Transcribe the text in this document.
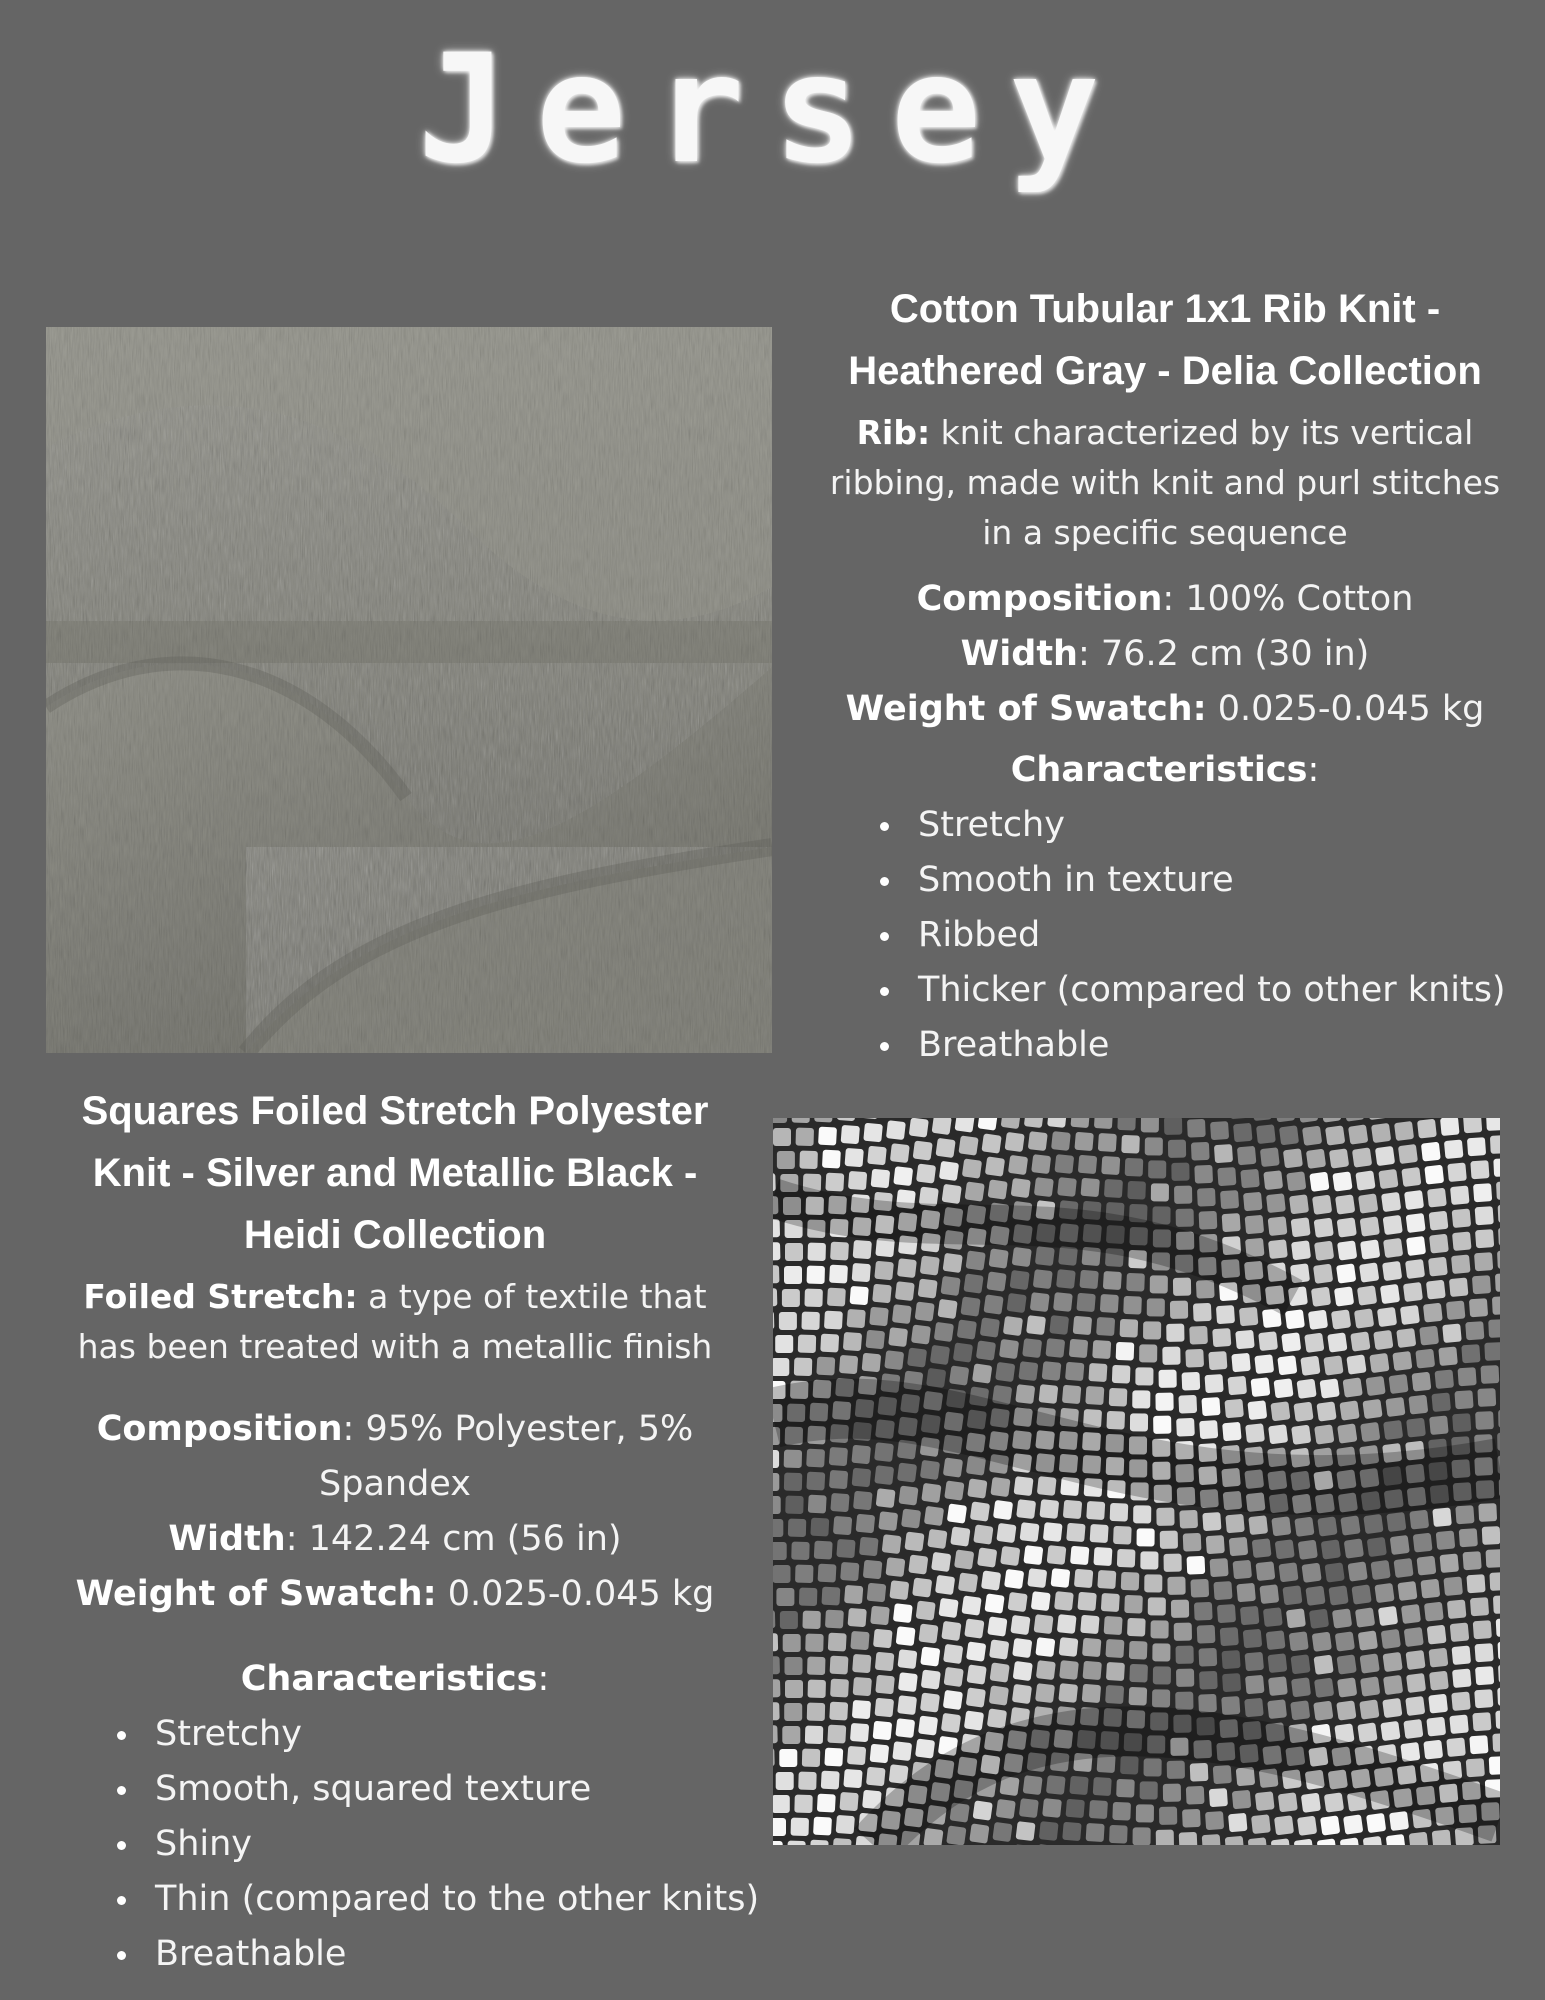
Jersey
Cotton Tubular 1x1 Rib Knit - Heathered Gray - Delia Collection

Rib: knit characterized by its vertical ribbing, made with knit and purl stitches in a specific sequence

Composition: 100% Cotton

Width: 76.2 cm (30 in)

Weight of Swatch: 0.025-0.045 kg

Characteristics:

Stretchy
Smooth in texture
Ribbed
Thicker (compared to other knits)
Breathable
Squares Foiled Stretch Polyester Knit - Silver and Metallic Black - Heidi Collection

Foiled Stretch: a type of textile that has been treated with a metallic finish

Composition: 95% Polyester, 5% Spandex

Width: 142.24 cm (56 in)

Weight of Swatch: 0.025-0.045 kg

Characteristics:

Stretchy
Smooth, squared texture
Shiny
Thin (compared to the other knits)
Breathable
